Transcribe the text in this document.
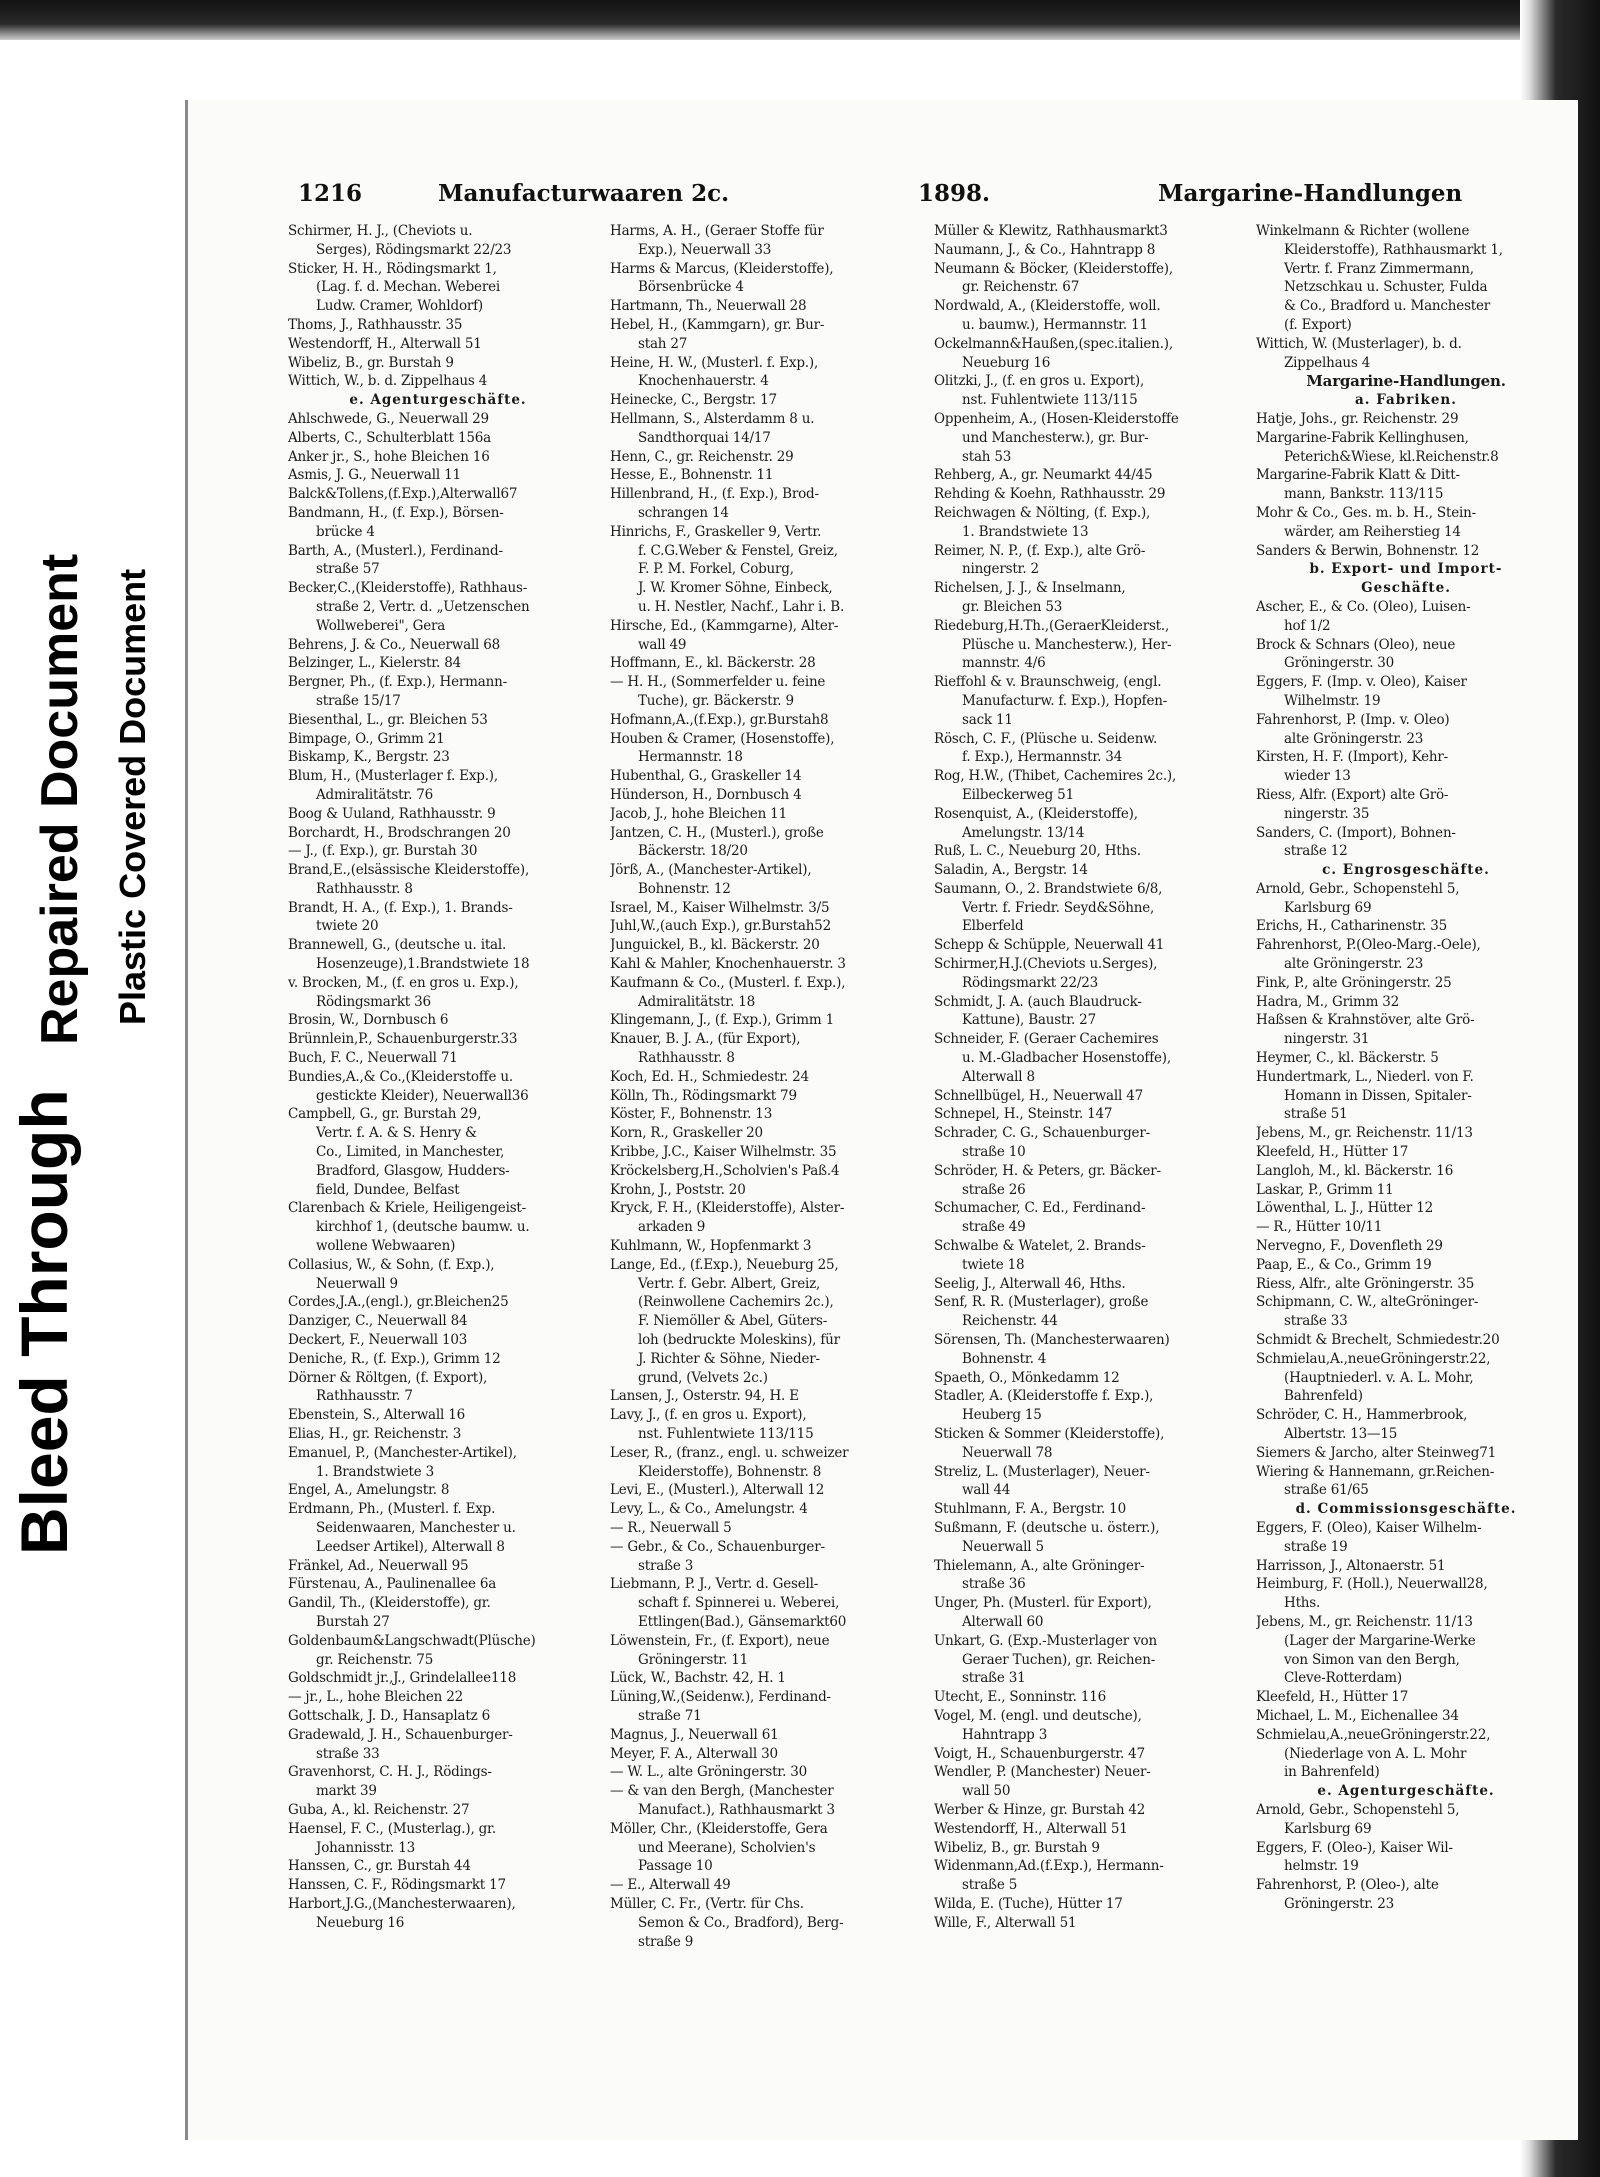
Bleed Through
Repaired Document Plastic Covered Document
1216	Manufacturwaaren 2c.	1898.	Margarine-Handlungen
Schirmer, H. J., (Cheviots u.
Serges), Rödingsmarkt 22/23
Sticker, H. H., Rödingsmarkt 1,
(Lag. f. d. Mechan. Weberei
Ludw. Cramer, Wohldorf)
Thoms, J., Rathhausstr. 35
Westendorff, H., Alterwall 51
Wibeliz, B., gr. Burstah 9
Wittich, W., b. d. Zippelhaus 4
e. Agenturgeschäfte.
Ahlschwede, G., Neuerwall 29
Alberts, C., Schulterblatt 156a
Anker jr., S., hohe Bleichen 16
Asmis, J. G., Neuerwall 11
Balck&Tollens,(f.Exp.),Alterwall67
Bandmann, H., (f. Exp.), Börsen-
brücke 4
Barth, A., (Musterl.), Ferdinand-
straße 57
Becker,C.,(Kleiderstoffe), Rathhaus-
straße 2, Vertr. d. „Uetzenschen
Wollweberei", Gera
Behrens, J. & Co., Neuerwall 68
Belzinger, L., Kielerstr. 84
Bergner, Ph., (f. Exp.), Hermann-
straße 15/17
Biesenthal, L., gr. Bleichen 53
Bimpage, O., Grimm 21
Biskamp, K., Bergstr. 23
Blum, H., (Musterlager f. Exp.),
Admiralitätstr. 76
Boog & Uuland, Rathhausstr. 9
Borchardt, H., Brodschrangen 20
— J., (f. Exp.), gr. Burstah 30
Brand,E.,(elsässische Kleiderstoffe),
Rathhausstr. 8
Brandt, H. A., (f. Exp.), 1. Brands-
twiete 20
Brannewell, G., (deutsche u. ital.
Hosenzeuge),1.Brandstwiete 18
v. Brocken, M., (f. en gros u. Exp.),
Rödingsmarkt 36
Brosin, W., Dornbusch 6
Brünnlein,P., Schauenburgerstr.33
Buch, F. C., Neuerwall 71
Bundies,A.,& Co.,(Kleiderstoffe u.
gestickte Kleider), Neuerwall36
Campbell, G., gr. Burstah 29,
Vertr. f. A. & S. Henry &
Co., Limited, in Manchester,
Bradford, Glasgow, Hudders-
field, Dundee, Belfast
Clarenbach & Kriele, Heiligengeist-
kirchhof 1, (deutsche baumw. u.
wollene Webwaaren)
Collasius, W., & Sohn, (f. Exp.),
Neuerwall 9
Cordes,J.A.,(engl.), gr.Bleichen25
Danziger, C., Neuerwall 84
Deckert, F., Neuerwall 103
Deniche, R., (f. Exp.), Grimm 12
Dörner & Röltgen, (f. Export),
Rathhausstr. 7
Ebenstein, S., Alterwall 16
Elias, H., gr. Reichenstr. 3
Emanuel, P., (Manchester-Artikel),
1. Brandstwiete 3
Engel, A., Amelungstr. 8
Erdmann, Ph., (Musterl. f. Exp.
Seidenwaaren, Manchester u.
Leedser Artikel), Alterwall 8
Fränkel, Ad., Neuerwall 95
Fürstenau, A., Paulinenallee 6a
Gandil, Th., (Kleiderstoffe), gr.
Burstah 27
Goldenbaum&Langschwadt(Plüsche)
gr. Reichenstr. 75
Goldschmidt jr.,J., Grindelallee118
— jr., L., hohe Bleichen 22
Gottschalk, J. D., Hansaplatz 6
Gradewald, J. H., Schauenburger-
straße 33
Gravenhorst, C. H. J., Rödings-
markt 39
Guba, A., kl. Reichenstr. 27
Haensel, F. C., (Musterlag.), gr.
Johannisstr. 13
Hanssen, C., gr. Burstah 44
Hanssen, C. F., Rödingsmarkt 17
Harbort,J.G.,(Manchesterwaaren),
Neueburg 16
Harms, A. H., (Geraer Stoffe für
Exp.), Neuerwall 33
Harms & Marcus, (Kleiderstoffe),
Börsenbrücke 4
Hartmann, Th., Neuerwall 28
Hebel, H., (Kammgarn), gr. Bur-
stah 27
Heine, H. W., (Musterl. f. Exp.),
Knochenhauerstr. 4
Heinecke, C., Bergstr. 17
Hellmann, S., Alsterdamm 8 u.
Sandthorquai 14/17
Henn, C., gr. Reichenstr. 29
Hesse, E., Bohnenstr. 11
Hillenbrand, H., (f. Exp.), Brod-
schrangen 14
Hinrichs, F., Graskeller 9, Vertr.
f. C.G.Weber & Fenstel, Greiz,
F. P. M. Forkel, Coburg,
J. W. Kromer Söhne, Einbeck,
u. H. Nestler, Nachf., Lahr i. B.
Hirsche, Ed., (Kammgarne), Alter-
wall 49
Hoffmann, E., kl. Bäckerstr. 28
— H. H., (Sommerfelder u. feine
Tuche), gr. Bäckerstr. 9
Hofmann,A.,(f.Exp.), gr.Burstah8
Houben & Cramer, (Hosenstoffe),
Hermannstr. 18
Hubenthal, G., Graskeller 14
Hünderson, H., Dornbusch 4
Jacob, J., hohe Bleichen 11
Jantzen, C. H., (Musterl.), große
Bäckerstr. 18/20
Jörß, A., (Manchester-Artikel),
Bohnenstr. 12
Israel, M., Kaiser Wilhelmstr. 3/5
Juhl,W.,(auch Exp.), gr.Burstah52
Junguickel, B., kl. Bäckerstr. 20
Kahl & Mahler, Knochenhauerstr. 3
Kaufmann & Co., (Musterl. f. Exp.),
Admiralitätstr. 18
Klingemann, J., (f. Exp.), Grimm 1
Knauer, B. J. A., (für Export),
Rathhausstr. 8
Koch, Ed. H., Schmiedestr. 24
Kölln, Th., Rödingsmarkt 79
Köster, F., Bohnenstr. 13
Korn, R., Graskeller 20
Kribbe, J.C., Kaiser Wilhelmstr. 35
Kröckelsberg,H.,Scholvien's Paß.4
Krohn, J., Poststr. 20
Kryck, F. H., (Kleiderstoffe), Alster-
arkaden 9
Kuhlmann, W., Hopfenmarkt 3
Lange, Ed., (f.Exp.), Neueburg 25,
Vertr. f. Gebr. Albert, Greiz,
(Reinwollene Cachemirs 2c.),
F. Niemöller & Abel, Güters-
loh (bedruckte Moleskins), für
J. Richter & Söhne, Nieder-
grund, (Velvets 2c.)
Lansen, J., Osterstr. 94, H. E
Lavy, J., (f. en gros u. Export),
nst. Fuhlentwiete 113/115
Leser, R., (franz., engl. u. schweizer
Kleiderstoffe), Bohnenstr. 8
Levi, E., (Musterl.), Alterwall 12
Levy, L., & Co., Amelungstr. 4
— R., Neuerwall 5
— Gebr., & Co., Schauenburger-
straße 3
Liebmann, P. J., Vertr. d. Gesell-
schaft f. Spinnerei u. Weberei,
Ettlingen(Bad.), Gänsemarkt60
Löwenstein, Fr., (f. Export), neue
Gröningerstr. 11
Lück, W., Bachstr. 42, H. 1
Lüning,W.,(Seidenw.), Ferdinand-
straße 71
Magnus, J., Neuerwall 61
Meyer, F. A., Alterwall 30
— W. L., alte Gröningerstr. 30
— & van den Bergh, (Manchester
Manufact.), Rathhausmarkt 3
Möller, Chr., (Kleiderstoffe, Gera
und Meerane), Scholvien's
Passage 10
— E., Alterwall 49
Müller, C. Fr., (Vertr. für Chs.
Semon & Co., Bradford), Berg-
straße 9
Müller & Klewitz, Rathhausmarkt3
Naumann, J., & Co., Hahntrapp 8
Neumann & Böcker, (Kleiderstoffe),
gr. Reichenstr. 67
Nordwald, A., (Kleiderstoffe, woll.
u. baumw.), Hermannstr. 11
Ockelmann&Haußen,(spec.italien.),
Neueburg 16
Olitzki, J., (f. en gros u. Export),
nst. Fuhlentwiete 113/115
Oppenheim, A., (Hosen-Kleiderstoffe
und Manchesterw.), gr. Bur-
stah 53
Rehberg, A., gr. Neumarkt 44/45
Rehding & Koehn, Rathhausstr. 29
Reichwagen & Nölting, (f. Exp.),
1. Brandstwiete 13
Reimer, N. P., (f. Exp.), alte Grö-
ningerstr. 2
Richelsen, J. J., & Inselmann,
gr. Bleichen 53
Riedeburg,H.Th.,(GeraerKleiderst.,
Plüsche u. Manchesterw.), Her-
mannstr. 4/6
Rieffohl & v. Braunschweig, (engl.
Manufacturw. f. Exp.), Hopfen-
sack 11
Rösch, C. F., (Plüsche u. Seidenw.
f. Exp.), Hermannstr. 34
Rog, H.W., (Thibet, Cachemires 2c.),
Eilbeckerweg 51
Rosenquist, A., (Kleiderstoffe),
Amelungstr. 13/14
Ruß, L. C., Neueburg 20, Hths.
Saladin, A., Bergstr. 14
Saumann, O., 2. Brandstwiete 6/8,
Vertr. f. Friedr. Seyd&Söhne,
Elberfeld
Schepp & Schüpple, Neuerwall 41
Schirmer,H.J.(Cheviots u.Serges),
Rödingsmarkt 22/23
Schmidt, J. A. (auch Blaudruck-
Kattune), Baustr. 27
Schneider, F. (Geraer Cachemires
u. M.-Gladbacher Hosenstoffe),
Alterwall 8
Schnellbügel, H., Neuerwall 47
Schnepel, H., Steinstr. 147
Schrader, C. G., Schauenburger-
straße 10
Schröder, H. & Peters, gr. Bäcker-
straße 26
Schumacher, C. Ed., Ferdinand-
straße 49
Schwalbe & Watelet, 2. Brands-
twiete 18
Seelig, J., Alterwall 46, Hths.
Senf, R. R. (Musterlager), große
Reichenstr. 44
Sörensen, Th. (Manchesterwaaren)
Bohnenstr. 4
Spaeth, O., Mönkedamm 12
Stadler, A. (Kleiderstoffe f. Exp.),
Heuberg 15
Sticken & Sommer (Kleiderstoffe),
Neuerwall 78
Streliz, L. (Musterlager), Neuer-
wall 44
Stuhlmann, F. A., Bergstr. 10
Sußmann, F. (deutsche u. österr.),
Neuerwall 5
Thielemann, A., alte Gröninger-
straße 36
Unger, Ph. (Musterl. für Export),
Alterwall 60
Unkart, G. (Exp.-Musterlager von
Geraer Tuchen), gr. Reichen-
straße 31
Utecht, E., Sonninstr. 116
Vogel, M. (engl. und deutsche),
Hahntrapp 3
Voigt, H., Schauenburgerstr. 47
Wendler, P. (Manchester) Neuer-
wall 50
Werber & Hinze, gr. Burstah 42
Westendorff, H., Alterwall 51
Wibeliz, B., gr. Burstah 9
Widenmann,Ad.(f.Exp.), Hermann-
straße 5
Wilda, E. (Tuche), Hütter 17
Wille, F., Alterwall 51
Winkelmann & Richter (wollene
Kleiderstoffe), Rathhausmarkt 1,
Vertr. f. Franz Zimmermann,
Netzschkau u. Schuster, Fulda
& Co., Bradford u. Manchester
(f. Export)
Wittich, W. (Musterlager), b. d.
Zippelhaus 4
Margarine-Handlungen.
a. Fabriken.
Hatje, Johs., gr. Reichenstr. 29
Margarine-Fabrik Kellinghusen,
Peterich&Wiese, kl.Reichenstr.8
Margarine-Fabrik Klatt & Ditt-
mann, Bankstr. 113/115
Mohr & Co., Ges. m. b. H., Stein-
wärder, am Reiherstieg 14
Sanders & Berwin, Bohnenstr. 12
b. Export- und Import-
Geschäfte.
Ascher, E., & Co. (Oleo), Luisen-
hof 1/2
Brock & Schnars (Oleo), neue
Gröningerstr. 30
Eggers, F. (Imp. v. Oleo), Kaiser
Wilhelmstr. 19
Fahrenhorst, P. (Imp. v. Oleo)
alte Gröningerstr. 23
Kirsten, H. F. (Import), Kehr-
wieder 13
Riess, Alfr. (Export) alte Grö-
ningerstr. 35
Sanders, C. (Import), Bohnen-
straße 12
c. Engrosgeschäfte.
Arnold, Gebr., Schopenstehl 5,
Karlsburg 69
Erichs, H., Catharinenstr. 35
Fahrenhorst, P.(Oleo-Marg.-Oele),
alte Gröningerstr. 23
Fink, P., alte Gröningerstr. 25
Hadra, M., Grimm 32
Haßsen & Krahnstöver, alte Grö-
ningerstr. 31
Heymer, C., kl. Bäckerstr. 5
Hundertmark, L., Niederl. von F.
Homann in Dissen, Spitaler-
straße 51
Jebens, M., gr. Reichenstr. 11/13
Kleefeld, H., Hütter 17
Langloh, M., kl. Bäckerstr. 16
Laskar, P., Grimm 11
Löwenthal, L. J., Hütter 12
— R., Hütter 10/11
Nervegno, F., Dovenfleth 29
Paap, E., & Co., Grimm 19
Riess, Alfr., alte Gröningerstr. 35
Schipmann, C. W., alteGröninger-
straße 33
Schmidt & Brechelt, Schmiedestr.20
Schmielau,A.,neueGröningerstr.22,
(Hauptniederl. v. A. L. Mohr,
Bahrenfeld)
Schröder, C. H., Hammerbrook,
Albertstr. 13—15
Siemers & Jarcho, alter Steinweg71
Wiering & Hannemann, gr.Reichen-
straße 61/65
d. Commissionsgeschäfte.
Eggers, F. (Oleo), Kaiser Wilhelm-
straße 19
Harrisson, J., Altonaerstr. 51
Heimburg, F. (Holl.), Neuerwall28,
Hths.
Jebens, M., gr. Reichenstr. 11/13
(Lager der Margarine-Werke
von Simon van den Bergh,
Cleve-Rotterdam)
Kleefeld, H., Hütter 17
Michael, L. M., Eichenallee 34
Schmielau,A.,neueGröningerstr.22,
(Niederlage von A. L. Mohr
in Bahrenfeld)
e. Agenturgeschäfte.
Arnold, Gebr., Schopenstehl 5,
Karlsburg 69
Eggers, F. (Oleo-), Kaiser Wil-
helmstr. 19
Fahrenhorst, P. (Oleo-), alte
Gröningerstr. 23
